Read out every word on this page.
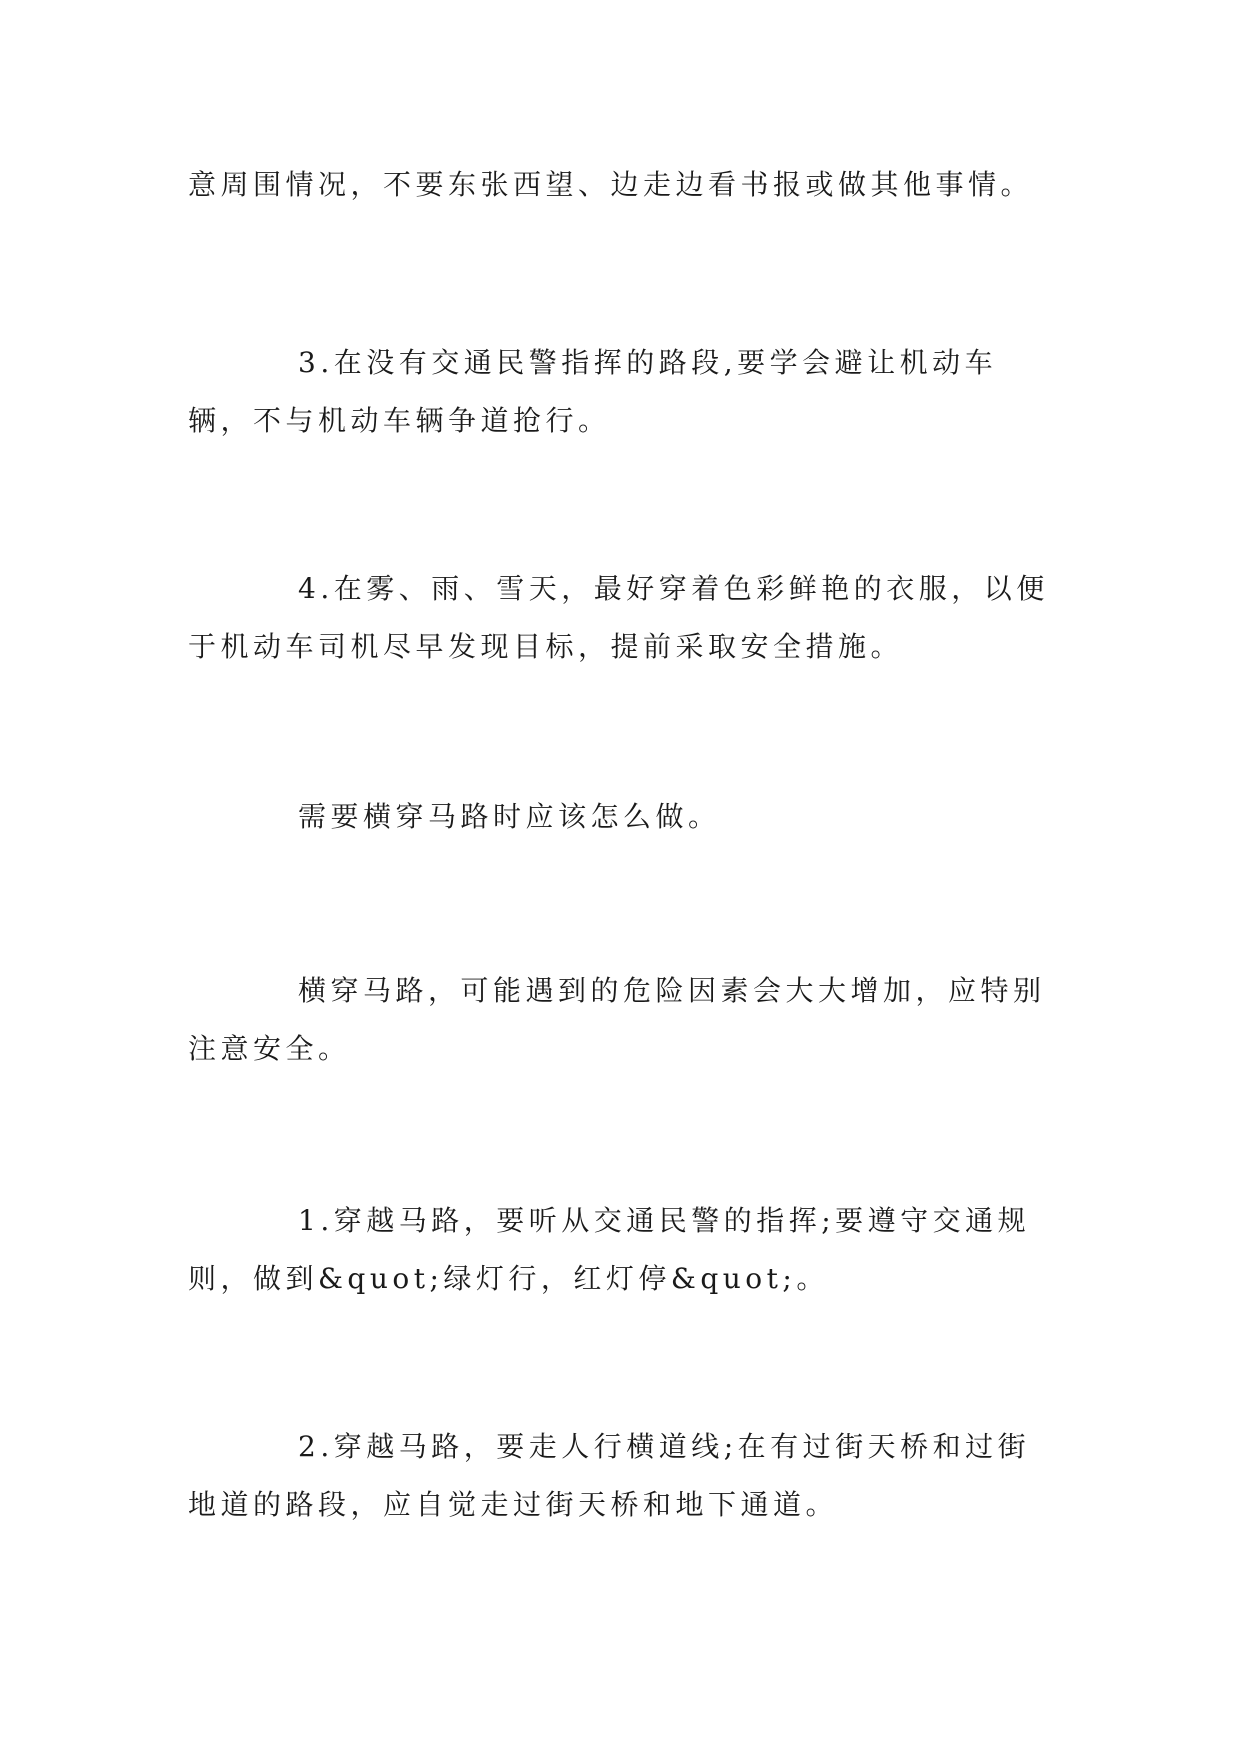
意周围情况，不要东张西望、边走边看书报或做其他事情。

3.在没有交通民警指挥的路段,要学会避让机动车辆，不与机动车辆争道抢行。

4.在雾、雨、雪天，最好穿着色彩鲜艳的衣服，以便于机动车司机尽早发现目标，提前采取安全措施。

需要横穿马路时应该怎么做。

横穿马路，可能遇到的危险因素会大大增加，应特别注意安全。

1.穿越马路，要听从交通民警的指挥;要遵守交通规则，做到&quot;绿灯行，红灯停&quot;。

2.穿越马路，要走人行横道线;在有过街天桥和过街地道的路段，应自觉走过街天桥和地下通道。
